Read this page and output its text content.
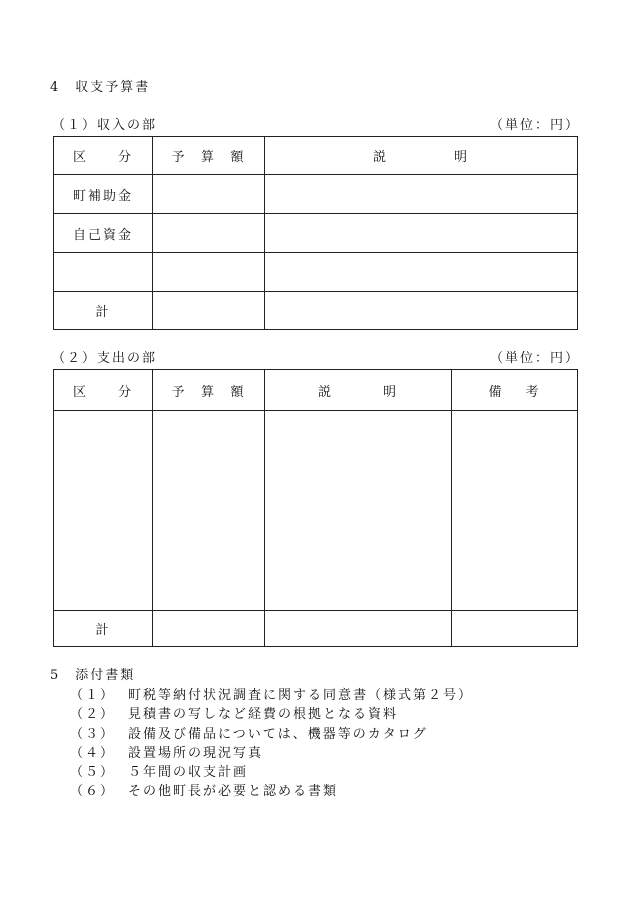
4　収支予算書
（１）収入の部	（単位：円）
区 分	予 算 額	説 明

町補助金		
自己資金		

計		
（２）支出の部	（単位：円）
区 分	予 算 額	説 明	備 考

計			
5　添付書類
（１） 町税等納付状況調査に関する同意書（様式第２号）
（２） 見積書の写しなど経費の根拠となる資料
（３） 設備及び備品については、機器等のカタログ
（４） 設置場所の現況写真
（５） ５年間の収支計画
（６） その他町長が必要と認める書類
